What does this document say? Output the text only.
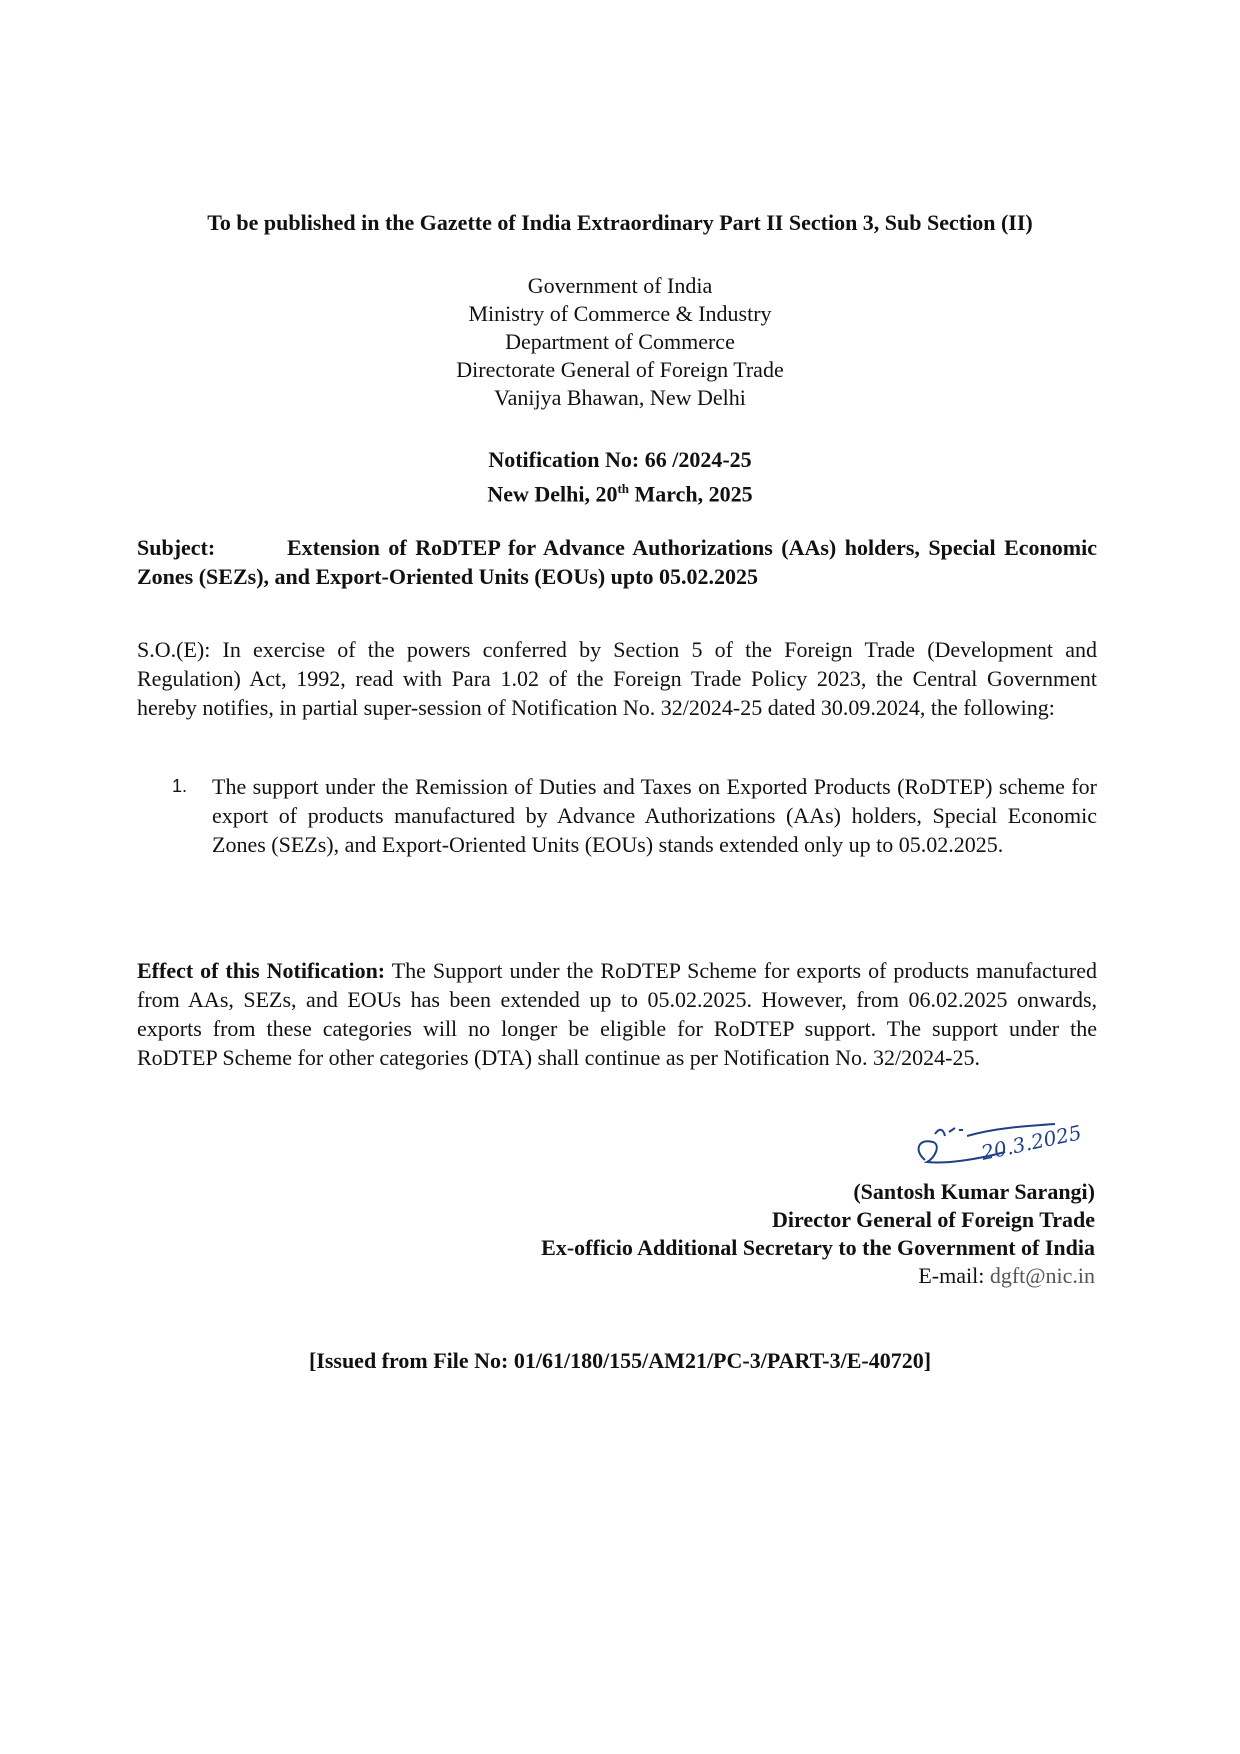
To be published in the Gazette of India Extraordinary Part II Section 3, Sub Section (II)
Government of India
Ministry of Commerce & Industry
Department of Commerce
Directorate General of Foreign Trade
Vanijya Bhawan, New Delhi
Notification No: 66 /2024-25
New Delhi, 20th March, 2025
Subject:	Extension of RoDTEP for Advance Authorizations (AAs) holders, Special Economic Zones (SEZs), and Export-Oriented Units (EOUs) upto 05.02.2025
S.O.(E): In exercise of the powers conferred by Section 5 of the Foreign Trade (Development and Regulation) Act, 1992, read with Para 1.02 of the Foreign Trade Policy 2023, the Central Government hereby notifies, in partial super-session of Notification No. 32/2024-25 dated 30.09.2024, the following:
1. The support under the Remission of Duties and Taxes on Exported Products (RoDTEP) scheme for export of products manufactured by Advance Authorizations (AAs) holders, Special Economic Zones (SEZs), and Export-Oriented Units (EOUs) stands extended only up to 05.02.2025.
Effect of this Notification: The Support under the RoDTEP Scheme for exports of products manufactured from AAs, SEZs, and EOUs has been extended up to 05.02.2025. However, from 06.02.2025 onwards, exports from these categories will no longer be eligible for RoDTEP support. The support under the RoDTEP Scheme for other categories (DTA) shall continue as per Notification No. 32/2024-25.
20.3.2025
(Santosh Kumar Sarangi)
Director General of Foreign Trade
Ex-officio Additional Secretary to the Government of India
E-mail: dgft@nic.in
[Issued from File No: 01/61/180/155/AM21/PC-3/PART-3/E-40720]
